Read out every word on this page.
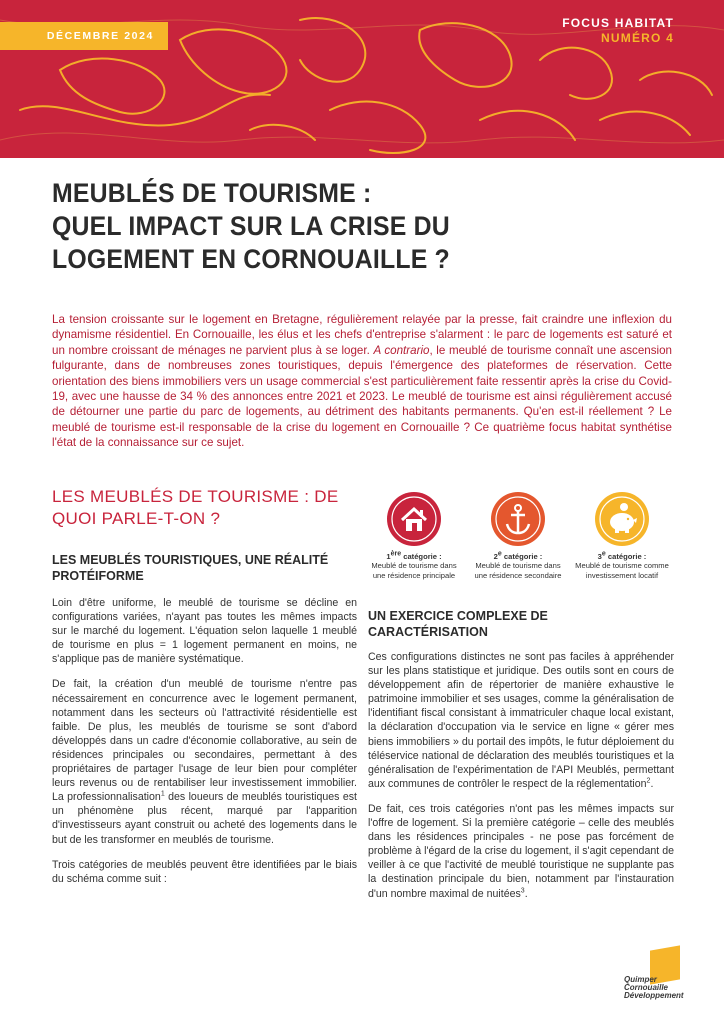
DÉCEMBRE 2024
FOCUS HABITAT
NUMÉRO 4
MEUBLÉS DE TOURISME :
QUEL IMPACT SUR LA CRISE DU
LOGEMENT EN CORNOUAILLE ?

La tension croissante sur le logement en Bretagne, régulièrement relayée par la presse, fait craindre une inflexion du dynamisme résidentiel. En Cornouaille, les élus et les chefs d'entreprise s'alarment : le parc de logements est saturé et un nombre croissant de ménages ne parvient plus à se loger. A contrario, le meublé de tourisme connaît une ascension fulgurante, dans de nombreuses zones touristiques, depuis l'émergence des plateformes de réservation. Cette orientation des biens immobiliers vers un usage commercial s'est particulièrement faite ressentir après la crise du Covid-19, avec une hausse de 34 % des annonces entre 2021 et 2023. Le meublé de tourisme est ainsi régulièrement accusé de détourner une partie du parc de logements, au détriment des habitants permanents. Qu'en est-il réellement ? Le meublé de tourisme est-il responsable de la crise du logement en Cornouaille ? Ce quatrième focus habitat synthétise l'état de la connaissance sur ce sujet.

LES MEUBLÉS DE TOURISME : DE QUOI PARLE-T-ON ?
LES MEUBLÉS TOURISTIQUES, UNE RÉALITÉ PROTÉIFORME

Loin d'être uniforme, le meublé de tourisme se décline en configurations variées, n'ayant pas toutes les mêmes impacts sur le marché du logement. L'équation selon laquelle 1 meublé de tourisme en plus = 1 logement permanent en moins, ne s'applique pas de manière systématique.

De fait, la création d'un meublé de tourisme n'entre pas nécessairement en concurrence avec le logement permanent, notamment dans les secteurs où l'attractivité résidentielle est faible. De plus, les meublés de tourisme se sont d'abord développés dans un cadre d'économie collaborative, au sein de résidences principales ou secondaires, permettant à des propriétaires de partager l'usage de leur bien pour compléter leurs revenus ou de rentabiliser leur investissement immobilier. La professionnalisation$^1$ des loueurs de meublés touristiques est un phénomène plus récent, marqué par l'apparition d'investisseurs ayant construit ou acheté des logements dans le but de les transformer en meublés de tourisme.

Trois catégories de meublés peuvent être identifiées par le biais du schéma comme suit :

1ère catégorie :
Meublé de tourisme dans une résidence principale
2e catégorie :
Meublé de tourisme dans une résidence secondaire
3e catégorie :
Meublé de tourisme comme investissement locatif
UN EXERCICE COMPLEXE DE CARACTÉRISATION

Ces configurations distinctes ne sont pas faciles à appréhender sur les plans statistique et juridique. Des outils sont en cours de développement afin de répertorier de manière exhaustive le patrimoine immobilier et ses usages, comme la généralisation de l'identifiant fiscal consistant à immatriculer chaque local existant, la déclaration d'occupation via le service en ligne « gérer mes biens immobiliers » du portail des impôts, le futur déploiement du téléservice national de déclaration des meublés touristiques et la généralisation de l'expérimentation de l'API Meublés, permettant aux communes de contrôler le respect de la réglementation$^2$.

De fait, ces trois catégories n'ont pas les mêmes impacts sur l'offre de logement. Si la première catégorie – celle des meublés dans les résidences principales - ne pose pas forcément de problème à l'égard de la crise du logement, il s'agit cependant de veiller à ce que l'activité de meublé touristique ne supplante pas la destination principale du bien, notamment par l'instauration d'un nombre maximal de nuitées$^3$.

Quimper
Cornouaille
Développement
